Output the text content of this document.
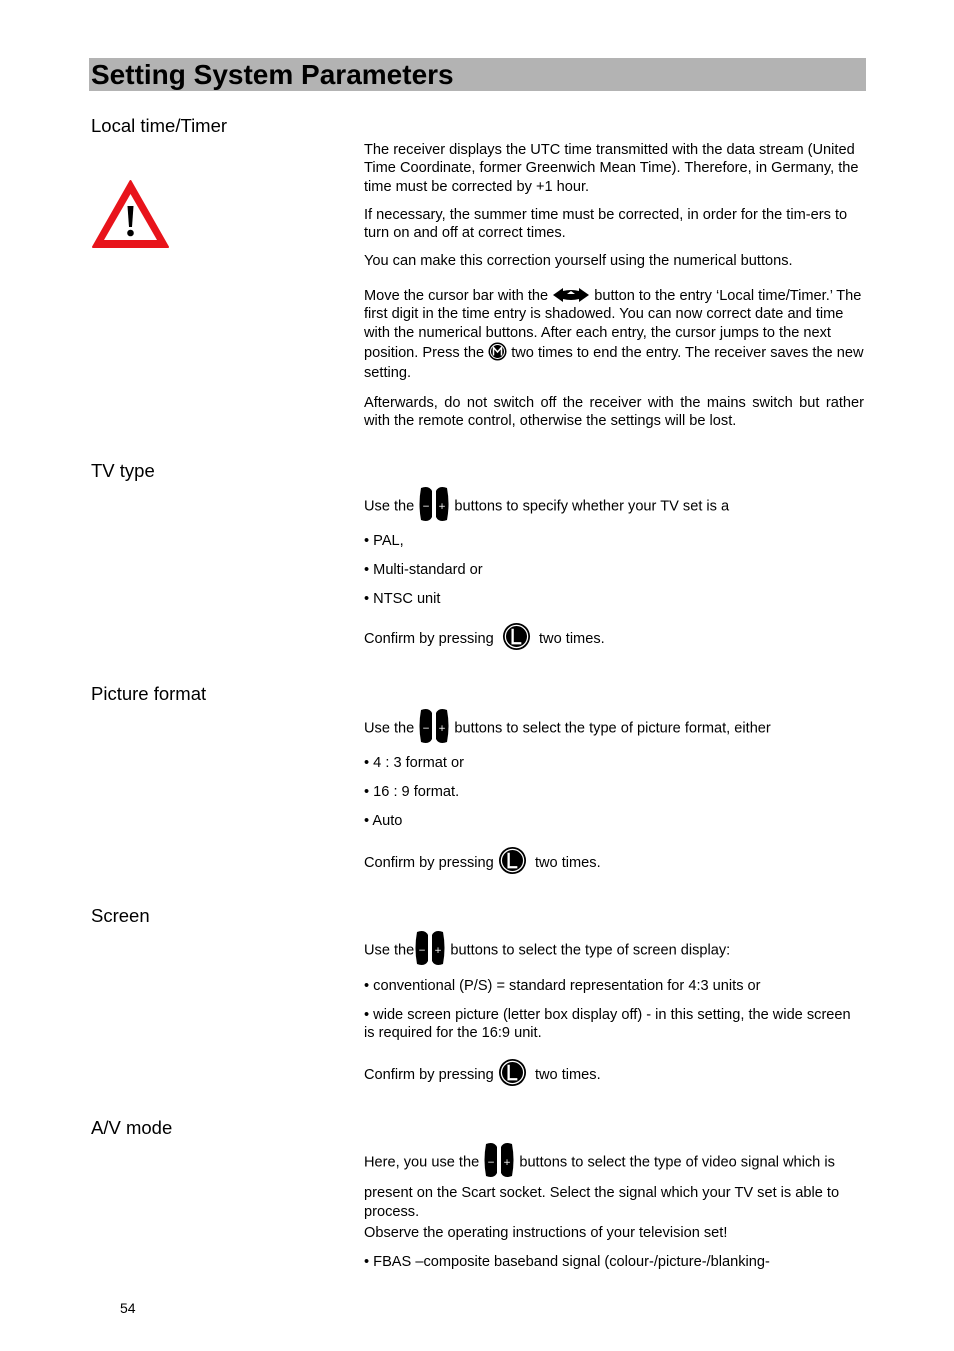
Setting System Parameters
Local time/Timer
The receiver displays the UTC time transmitted with the data stream (United Time Coordinate, former Greenwich Mean Time). Therefore, in Germany, the time must be corrected by +1 hour.
If necessary, the summer time must be corrected, in order for the tim-ers to turn on and off at correct times.
You can make this correction yourself using the numerical buttons.
Move the cursor bar with the	button to the entry ‘Local time/Timer.’ The first digit in the time entry is shadowed. You can now correct date and time with the numerical buttons. After each entry, the cursor jumps to the next position. Press the two times to end the entry. The receiver saves the new setting.
Afterwards, do not switch off the receiver with the mains switch but rather with the remote control, otherwise the settings will be lost.
TV type
Use the	buttons to specify whether your TV set is a
• PAL,
• Multi-standard or
• NTSC unit
Confirm by pressing	two times.
Picture format
Use the	buttons to select the type of picture format, either
• 4 : 3 format or
• 16 : 9 format.
• Auto
Confirm by pressing	two times.
Screen
Use the buttons to select the type of screen display:
• conventional (P/S) = standard representation for 4:3 units or
• wide screen picture (letter box display off) - in this setting, the wide screen is required for the 16:9 unit.
Confirm by pressing	two times.
A/V mode
Here, you use the	buttons to select the type of video signal which is present on the Scart socket. Select the signal which your TV set is able to process.
Observe the operating instructions of your television set!
• FBAS –composite baseband signal (colour-/picture-/blanking-
54
